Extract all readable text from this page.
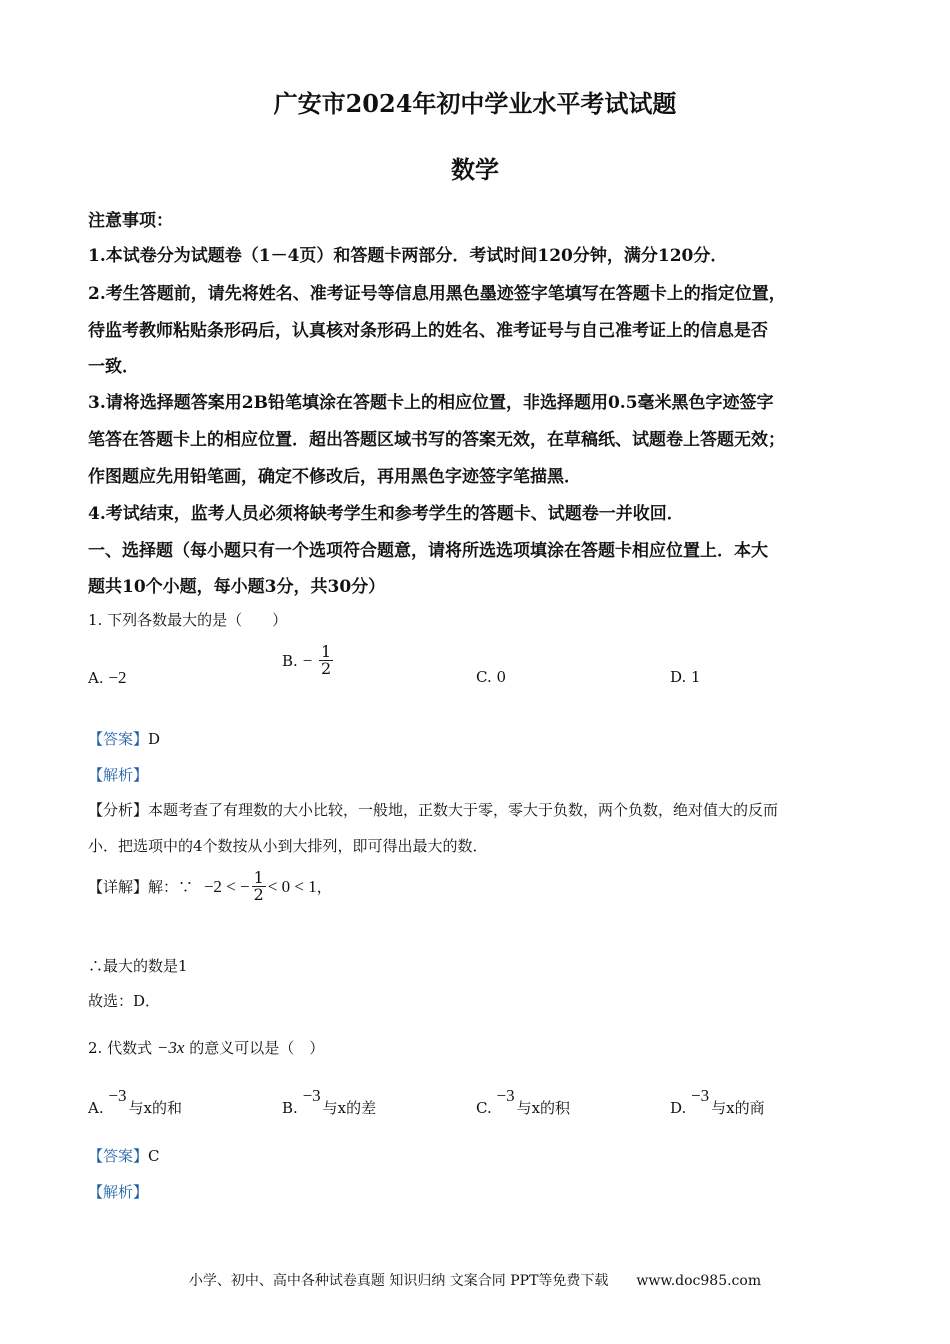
广安市2024年初中学业水平考试试题
数学
注意事项：
1.本试卷分为试题卷（1－4页）和答题卡两部分．考试时间120分钟，满分120分．
2.考生答题前，请先将姓名、准考证号等信息用黑色墨迹签字笔填写在答题卡上的指定位置，
待监考教师粘贴条形码后，认真核对条形码上的姓名、准考证号与自己准考证上的信息是否
一致．
3.请将选择题答案用2B铅笔填涂在答题卡上的相应位置，非选择题用0.5毫米黑色字迹签字
笔答在答题卡上的相应位置．超出答题区域书写的答案无效，在草稿纸、试题卷上答题无效；
作图题应先用铅笔画，确定不修改后，再用黑色字迹签字笔描黑．
4.考试结束，监考人员必须将缺考学生和参考学生的答题卡、试题卷一并收回．
一、选择题（每小题只有一个选项符合题意，请将所选选项填涂在答题卡相应位置上．本大
题共10个小题，每小题3分，共30分）
1. 下列各数最大的是（　　）
A. −2
B. − $\frac{1}{2}$	C. 0	D. 1
【答案】D
【解析】
【分析】本题考查了有理数的大小比较，一般地，正数大于零，零大于负数，两个负数，绝对值大的反而
小．把选项中的4个数按从小到大排列，即可得出最大的数．
【详解】解：∵ −2 < − $\frac{1}{2} < 0 < 1$，
∴最大的数是1
故选：D．
2. 代数式 −3x 的意义可以是（　）
A. −3与x的和	B. −3与x的差	C. −3与x的积	D. −3与x的商
【答案】C
【解析】
小学、初中、高中各种试卷真题 知识归纳 文案合同 PPT等免费下载　　www.doc985.com
